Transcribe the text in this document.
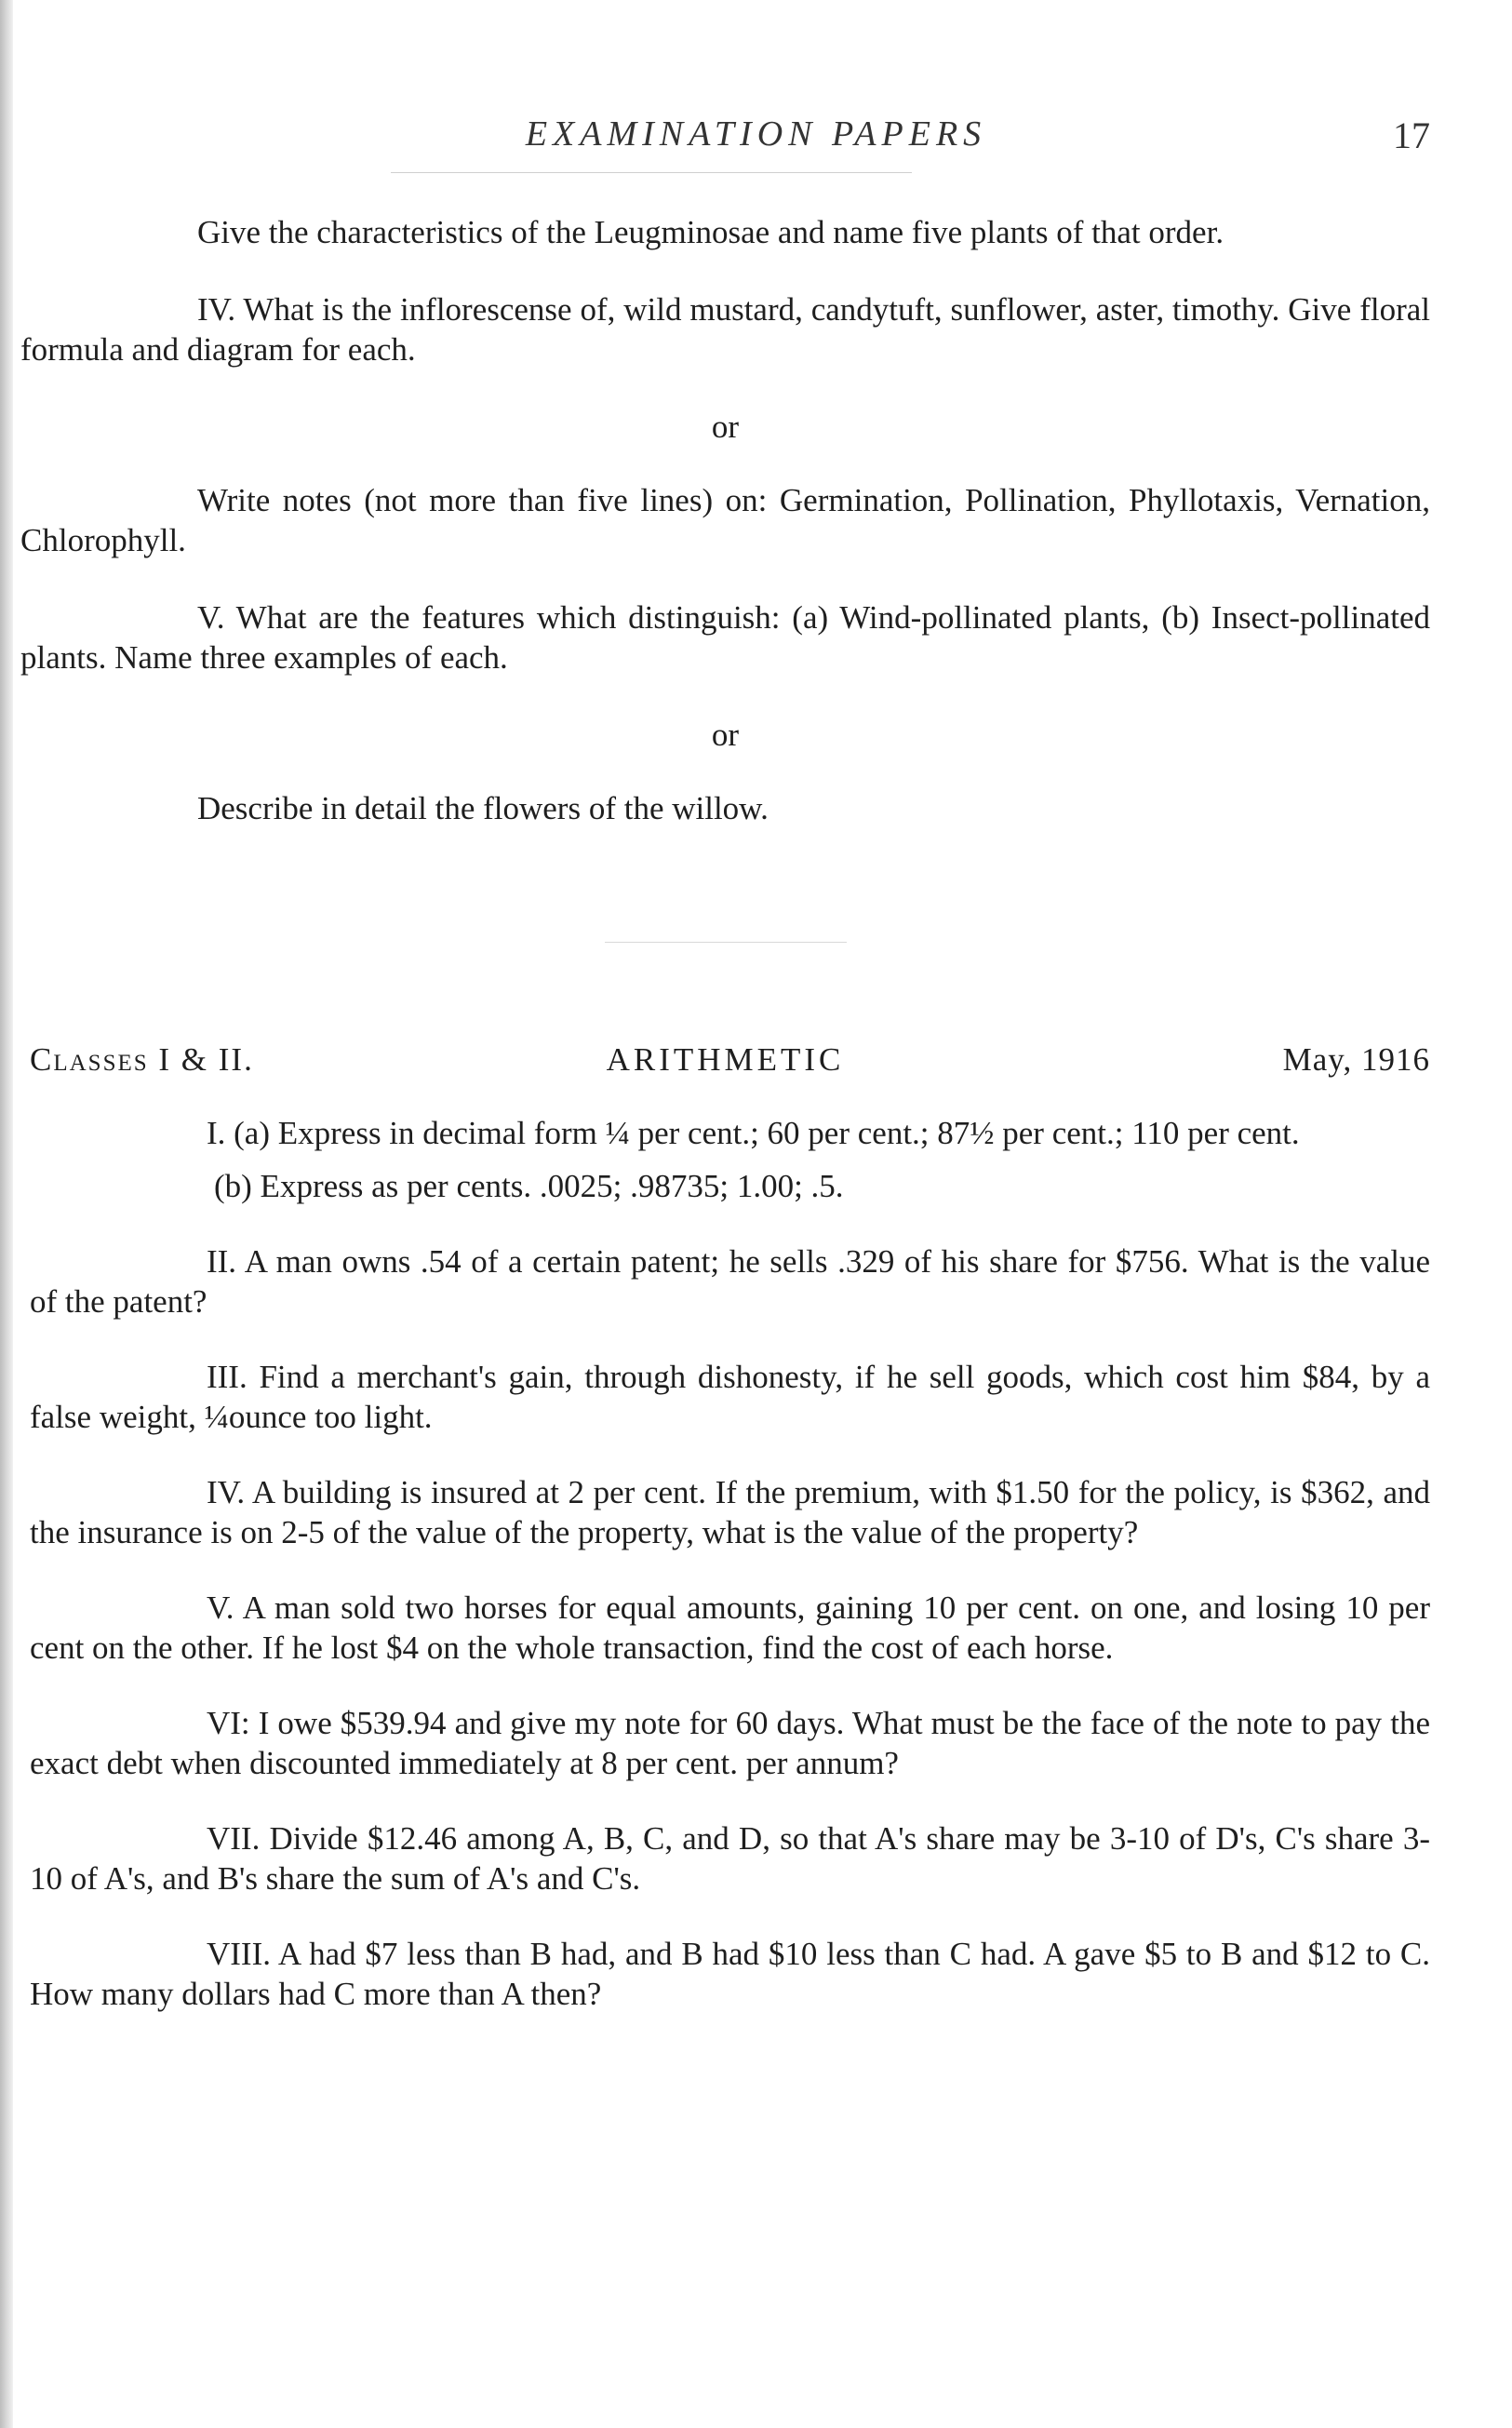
EXAMINATION PAPERS	17

Give the characteristics of the Leugminosae and name five plants of that order.

IV. What is the inflorescense of, wild mustard, candytuft, sunflower, aster, timothy. Give floral formula and diagram for each.

or

Write notes (not more than five lines) on: Germination, Pollination, Phyllotaxis, Vernation, Chlorophyll.

V. What are the features which distinguish: (a) Wind-pollinated plants, (b) Insect-pollinated plants. Name three examples of each.

or

Describe in detail the flowers of the willow.

Classes I & II.	ARITHMETIC	May, 1916

I. (a) Express in decimal form ¼ per cent.; 60 per cent.; 87½ per cent.; 110 per cent.

(b) Express as per cents. .0025; .98735; 1.00; .5.

II. A man owns .54 of a certain patent; he sells .329 of his share for $756. What is the value of the patent?

III. Find a merchant's gain, through dishonesty, if he sell goods, which cost him $84, by a false weight, ¼ounce too light.

IV. A building is insured at 2 per cent. If the premium, with $1.50 for the policy, is $362, and the insurance is on 2-5 of the value of the property, what is the value of the property?

V. A man sold two horses for equal amounts, gaining 10 per cent. on one, and losing 10 per cent on the other. If he lost $4 on the whole transaction, find the cost of each horse.

VI: I owe $539.94 and give my note for 60 days. What must be the face of the note to pay the exact debt when discounted immediately at 8 per cent. per annum?

VII. Divide $12.46 among A, B, C, and D, so that A's share may be 3-10 of D's, C's share 3-10 of A's, and B's share the sum of A's and C's.

VIII. A had $7 less than B had, and B had $10 less than C had. A gave $5 to B and $12 to C. How many dollars had C more than A then?
